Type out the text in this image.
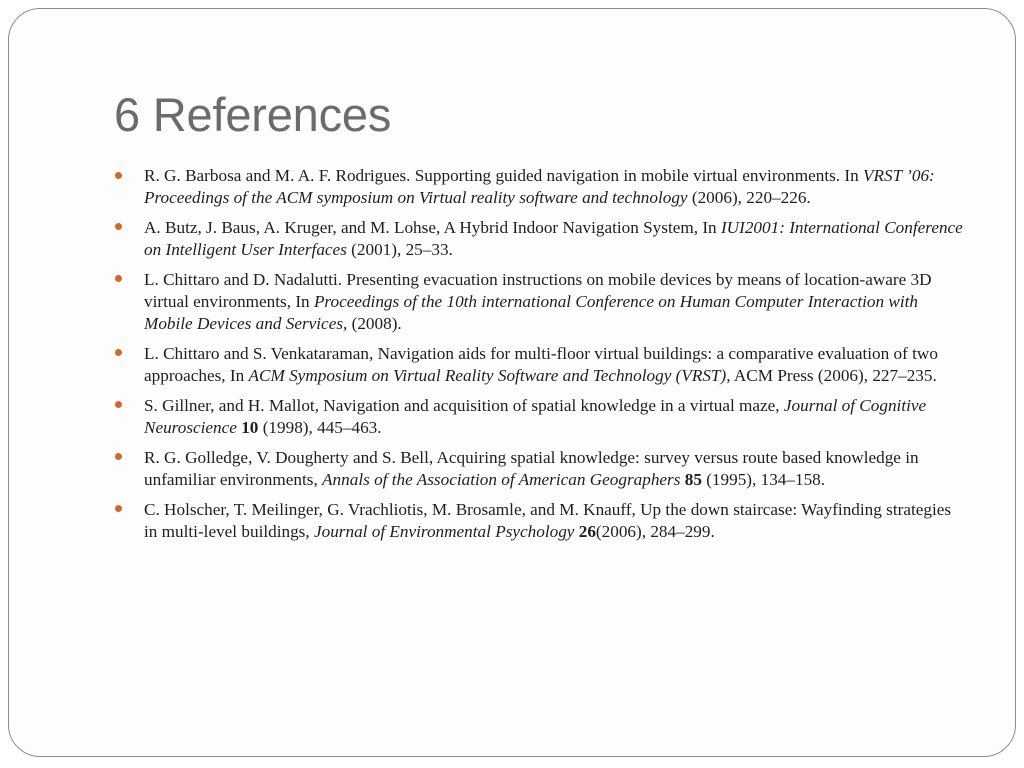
6 References
R. G. Barbosa and M. A. F. Rodrigues. Supporting guided navigation in mobile virtual environments. In VRST ’06: Proceedings of the ACM symposium on Virtual reality software and technology (2006), 220–226.
A. Butz, J. Baus, A. Kruger, and M. Lohse, A Hybrid Indoor Navigation System, In IUI2001: International Conference on Intelligent User Interfaces (2001), 25–33.
L. Chittaro and D. Nadalutti. Presenting evacuation instructions on mobile devices by means of location-aware 3D virtual environments, In Proceedings of the 10th international Conference on Human Computer Interaction with Mobile Devices and Services, (2008).
L. Chittaro and S. Venkataraman, Navigation aids for multi-floor virtual buildings: a comparative evaluation of two approaches, In ACM Symposium on Virtual Reality Software and Technology (VRST), ACM Press (2006), 227–235.
S. Gillner, and H. Mallot, Navigation and acquisition of spatial knowledge in a virtual maze, Journal of Cognitive Neuroscience 10 (1998), 445–463.
R. G. Golledge, V. Dougherty and S. Bell, Acquiring spatial knowledge: survey versus route based knowledge in unfamiliar environments, Annals of the Association of American Geographers 85 (1995), 134–158.
C. Holscher, T. Meilinger, G. Vrachliotis, M. Brosamle, and M. Knauff, Up the down staircase: Wayfinding strategies in multi-level buildings, Journal of Environmental Psychology 26(2006), 284–299.
